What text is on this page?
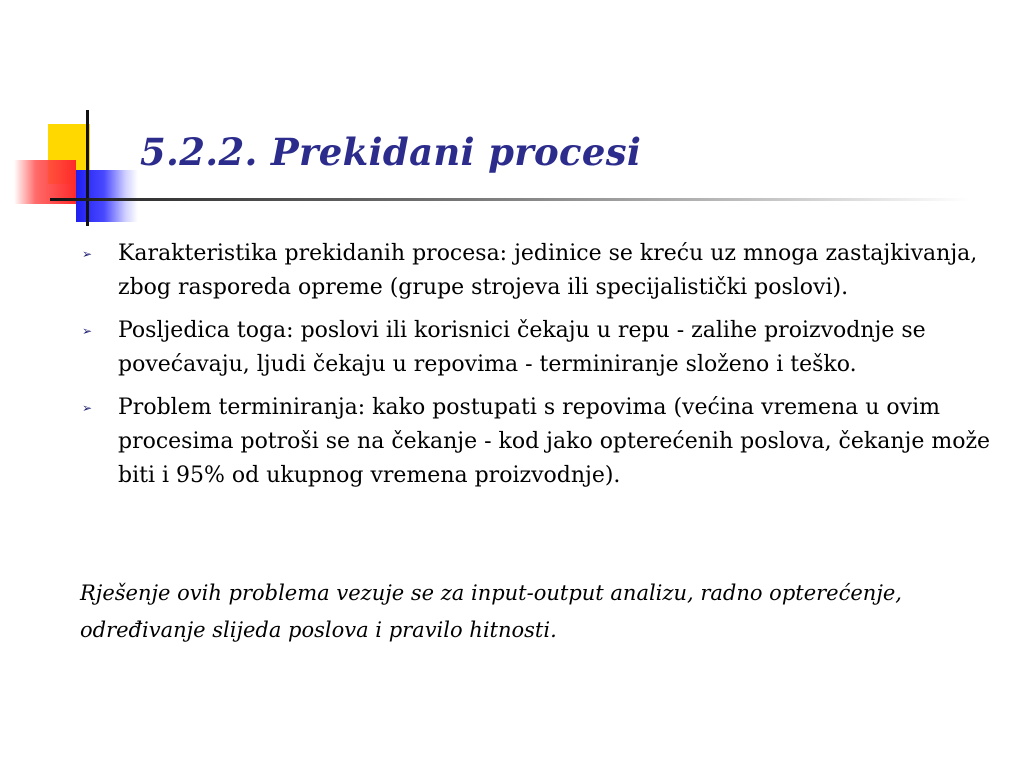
5.2.2. Prekidani procesi
➢ Karakteristika prekidanih procesa: jedinice se kreću uz mnoga zastajkivanja, zbog rasporeda opreme (grupe strojeva ili specijalistički poslovi).
➢ Posljedica toga: poslovi ili korisnici čekaju u repu - zalihe proizvodnje se povećavaju, ljudi čekaju u repovima - terminiranje složeno i teško.
➢ Problem terminiranja: kako postupati s repovima (većina vremena u ovim procesima potroši se na čekanje - kod jako opterećenih poslova, čekanje može biti i 95% od ukupnog vremena proizvodnje).

Rješenje ovih problema vezuje se za input-output analizu, radno opterećenje, određivanje slijeda poslova i pravilo hitnosti.
